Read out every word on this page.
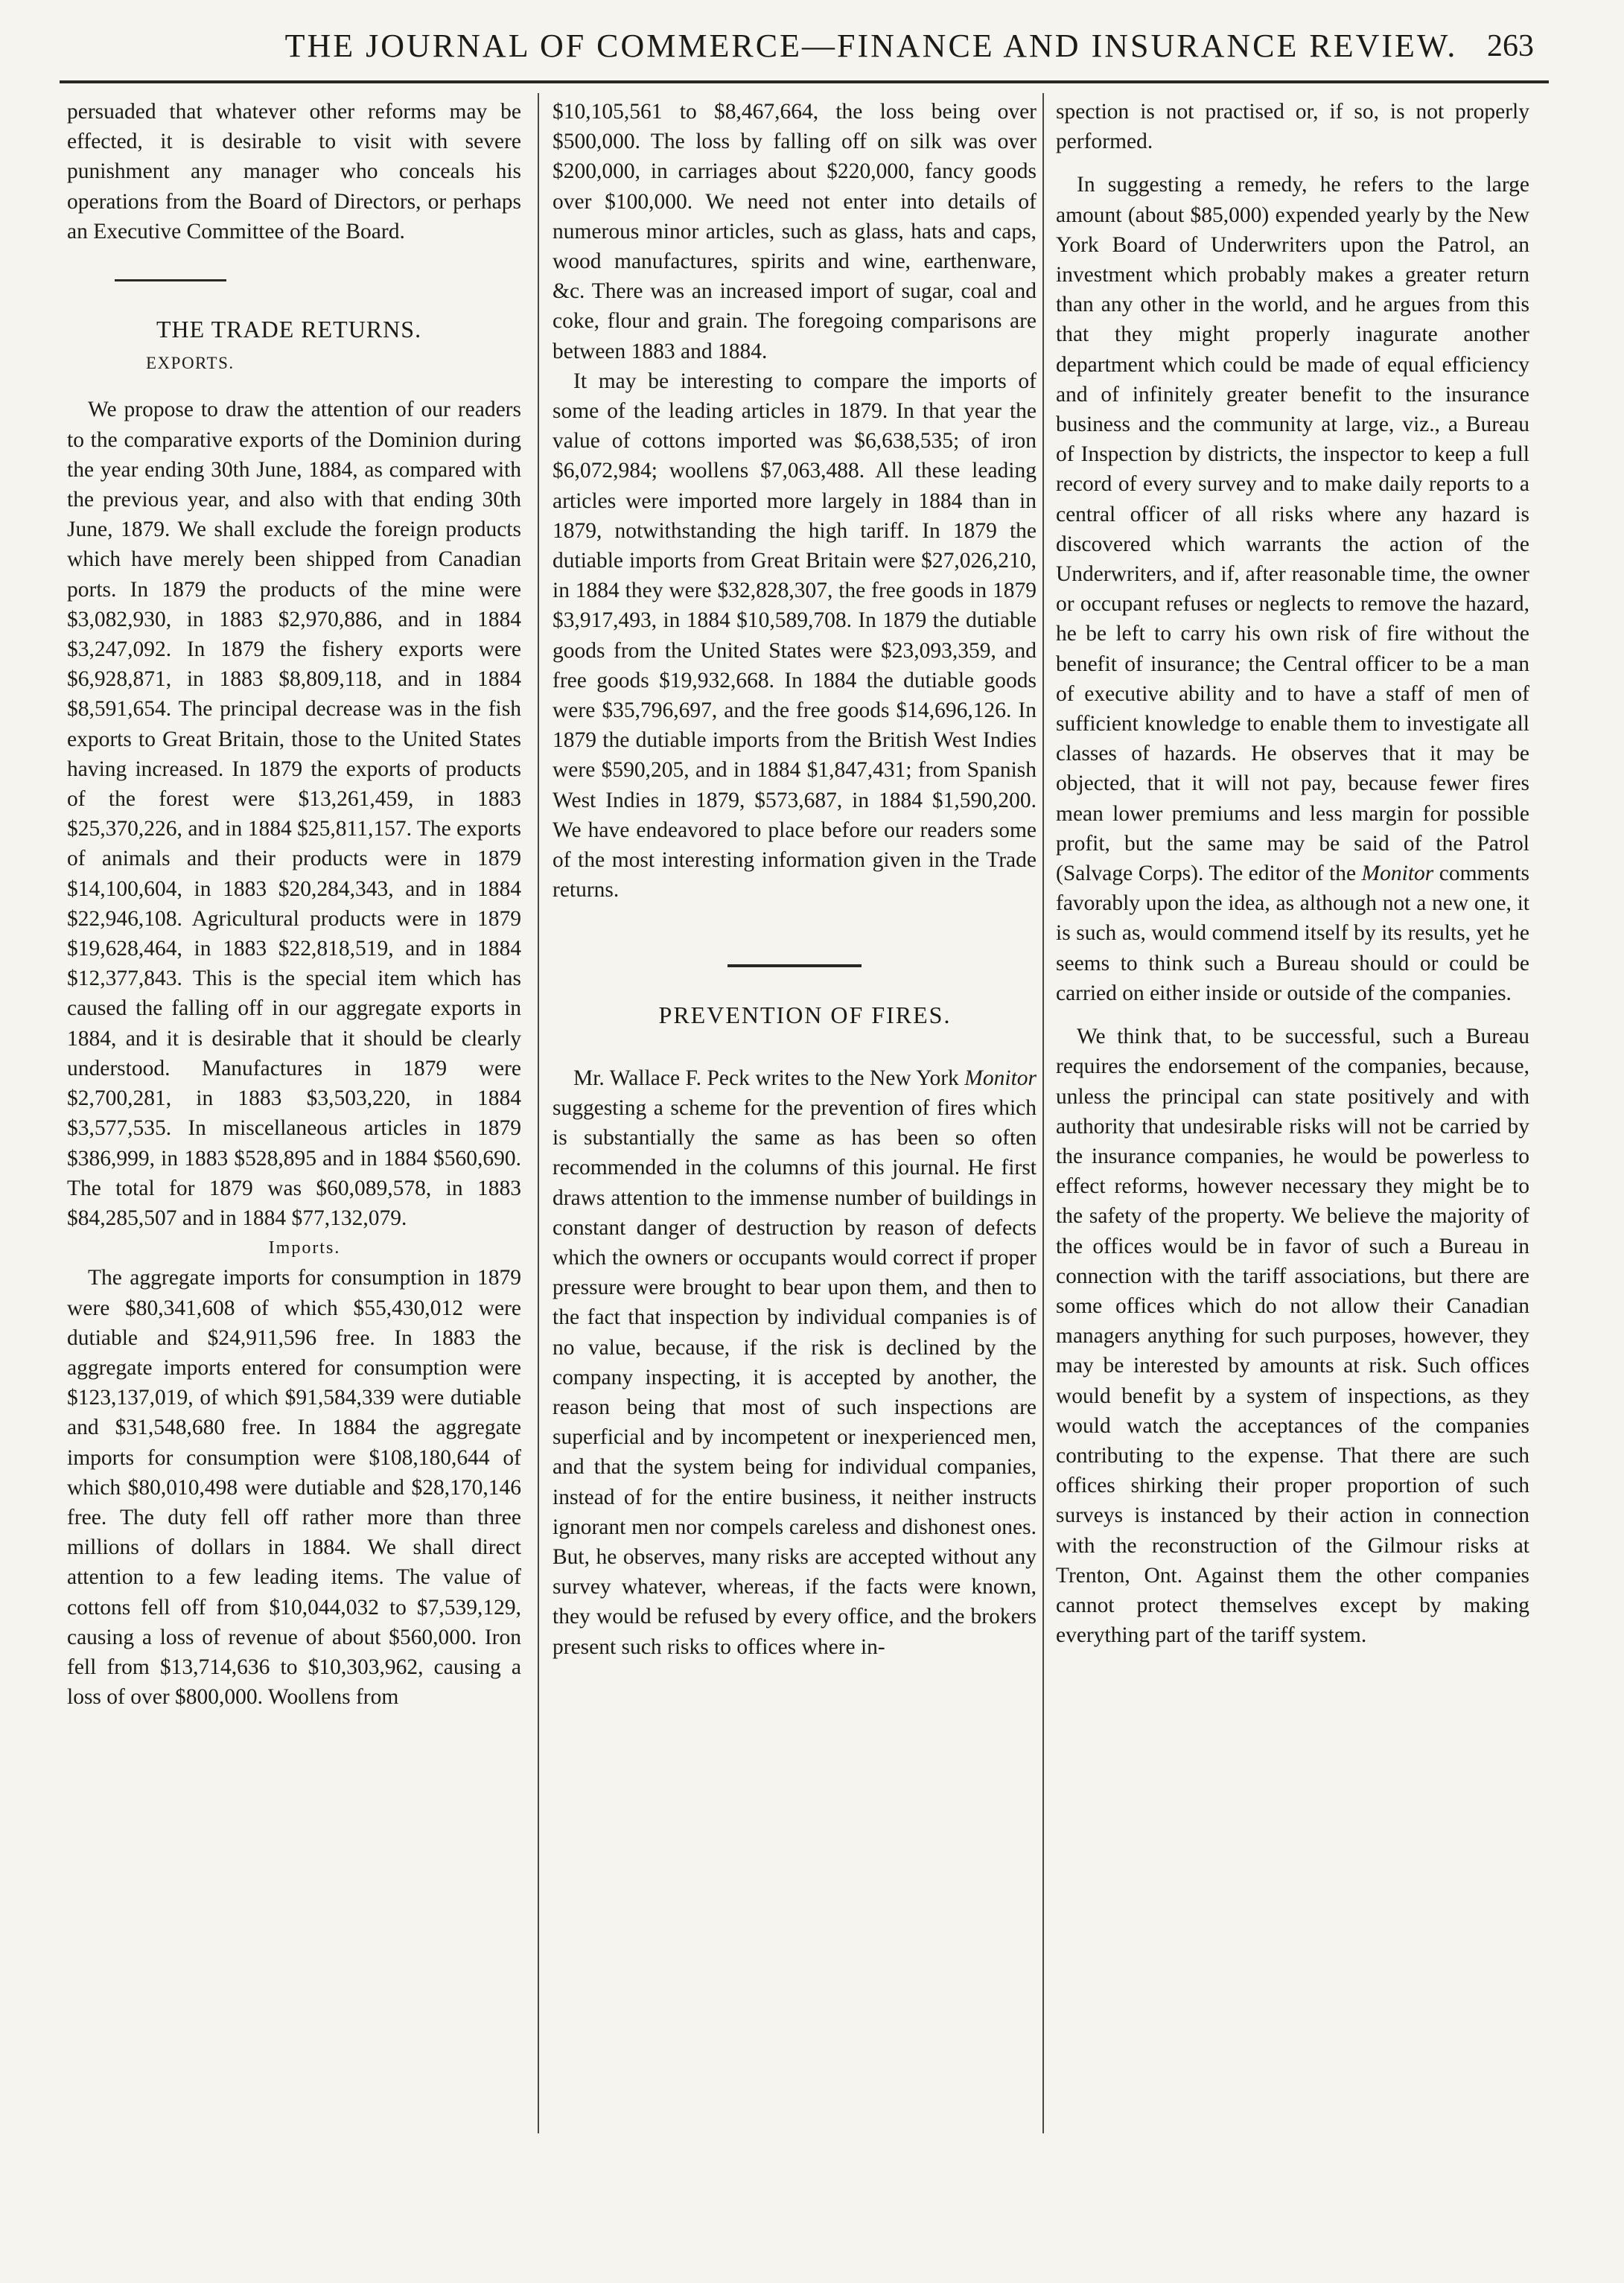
THE JOURNAL OF COMMERCE—FINANCE AND INSURANCE REVIEW. 263

persuaded that whatever other reforms may be effected, it is desirable to visit with severe punishment any manager who conceals his operations from the Board of Directors, or perhaps an Executive Committee of the Board.

THE TRADE RETURNS.

EXPORTS.

We propose to draw the attention of our readers to the comparative exports of the Dominion during the year ending 30th June, 1884, as compared with the previous year, and also with that ending 30th June, 1879. We shall exclude the foreign products which have merely been shipped from Canadian ports. In 1879 the products of the mine were $3,082,930, in 1883 $2,970,886, and in 1884 $3,247,092. In 1879 the fishery exports were $6,928,871, in 1883 $8,809,118, and in 1884 $8,591,654. The principal decrease was in the fish exports to Great Britain, those to the United States having increased. In 1879 the exports of products of the forest were $13,261,459, in 1883 $25,370,226, and in 1884 $25,811,157. The exports of animals and their products were in 1879 $14,100,604, in 1883 $20,284,343, and in 1884 $22,946,108. Agricultural products were in 1879 $19,628,464, in 1883 $22,818,519, and in 1884 $12,377,843. This is the special item which has caused the falling off in our aggregate exports in 1884, and it is desirable that it should be clearly understood. Manufactures in 1879 were $2,700,281, in 1883 $3,503,220, in 1884 $3,577,535. In miscellaneous articles in 1879 $386,999, in 1883 $528,895 and in 1884 $560,690. The total for 1879 was $60,089,578, in 1883 $84,285,507 and in 1884 $77,132,079.

Imports.

The aggregate imports for consumption in 1879 were $80,341,608 of which $55,430,012 were dutiable and $24,911,596 free. In 1883 the aggregate imports entered for consumption were $123,137,019, of which $91,584,339 were dutiable and $31,548,680 free. In 1884 the aggregate imports for consumption were $108,180,644 of which $80,010,498 were dutiable and $28,170,146 free. The duty fell off rather more than three millions of dollars in 1884. We shall direct attention to a few leading items. The value of cottons fell off from $10,044,032 to $7,539,129, causing a loss of revenue of about $560,000. Iron fell from $13,714,636 to $10,303,962, causing a loss of over $800,000. Woollens from

$10,105,561 to $8,467,664, the loss being over $500,000. The loss by falling off on silk was over $200,000, in carriages about $220,000, fancy goods over $100,000. We need not enter into details of numerous minor articles, such as glass, hats and caps, wood manufactures, spirits and wine, earthenware, &c. There was an increased import of sugar, coal and coke, flour and grain. The foregoing comparisons are between 1883 and 1884.

It may be interesting to compare the imports of some of the leading articles in 1879. In that year the value of cottons imported was $6,638,535; of iron $6,072,984; woollens $7,063,488. All these leading articles were imported more largely in 1884 than in 1879, notwithstanding the high tariff. In 1879 the dutiable imports from Great Britain were $27,026,210, in 1884 they were $32,828,307, the free goods in 1879 $3,917,493, in 1884 $10,589,708. In 1879 the dutiable goods from the United States were $23,093,359, and free goods $19,932,668. In 1884 the dutiable goods were $35,796,697, and the free goods $14,696,126. In 1879 the dutiable imports from the British West Indies were $590,205, and in 1884 $1,847,431; from Spanish West Indies in 1879, $573,687, in 1884 $1,590,200. We have endeavored to place before our readers some of the most interesting information given in the Trade returns.

PREVENTION OF FIRES.

Mr. Wallace F. Peck writes to the New York Monitor suggesting a scheme for the prevention of fires which is substantially the same as has been so often recommended in the columns of this journal. He first draws attention to the immense number of buildings in constant danger of destruction by reason of defects which the owners or occupants would correct if proper pressure were brought to bear upon them, and then to the fact that inspection by individual companies is of no value, because, if the risk is declined by the company inspecting, it is accepted by another, the reason being that most of such inspections are superficial and by incompetent or inexperienced men, and that the system being for individual companies, instead of for the entire business, it neither instructs ignorant men nor compels careless and dishonest ones. But, he observes, many risks are accepted without any survey whatever, whereas, if the facts were known, they would be refused by every office, and the brokers present such risks to offices where in-

spection is not practised or, if so, is not properly performed.

In suggesting a remedy, he refers to the large amount (about $85,000) expended yearly by the New York Board of Underwriters upon the Patrol, an investment which probably makes a greater return than any other in the world, and he argues from this that they might properly inagurate another department which could be made of equal efficiency and of infinitely greater benefit to the insurance business and the community at large, viz., a Bureau of Inspection by districts, the inspector to keep a full record of every survey and to make daily reports to a central officer of all risks where any hazard is discovered which warrants the action of the Underwriters, and if, after reasonable time, the owner or occupant refuses or neglects to remove the hazard, he be left to carry his own risk of fire without the benefit of insurance; the Central officer to be a man of executive ability and to have a staff of men of sufficient knowledge to enable them to investigate all classes of hazards. He observes that it may be objected, that it will not pay, because fewer fires mean lower premiums and less margin for possible profit, but the same may be said of the Patrol (Salvage Corps). The editor of the Monitor comments favorably upon the idea, as although not a new one, it is such as, would commend itself by its results, yet he seems to think such a Bureau should or could be carried on either inside or outside of the companies.

We think that, to be successful, such a Bureau requires the endorsement of the companies, because, unless the principal can state positively and with authority that undesirable risks will not be carried by the insurance companies, he would be powerless to effect reforms, however necessary they might be to the safety of the property. We believe the majority of the offices would be in favor of such a Bureau in connection with the tariff associations, but there are some offices which do not allow their Canadian managers anything for such purposes, however, they may be interested by amounts at risk. Such offices would benefit by a system of inspections, as they would watch the acceptances of the companies contributing to the expense. That there are such offices shirking their proper proportion of such surveys is instanced by their action in connection with the reconstruction of the Gilmour risks at Trenton, Ont. Against them the other companies cannot protect themselves except by making everything part of the tariff system.
